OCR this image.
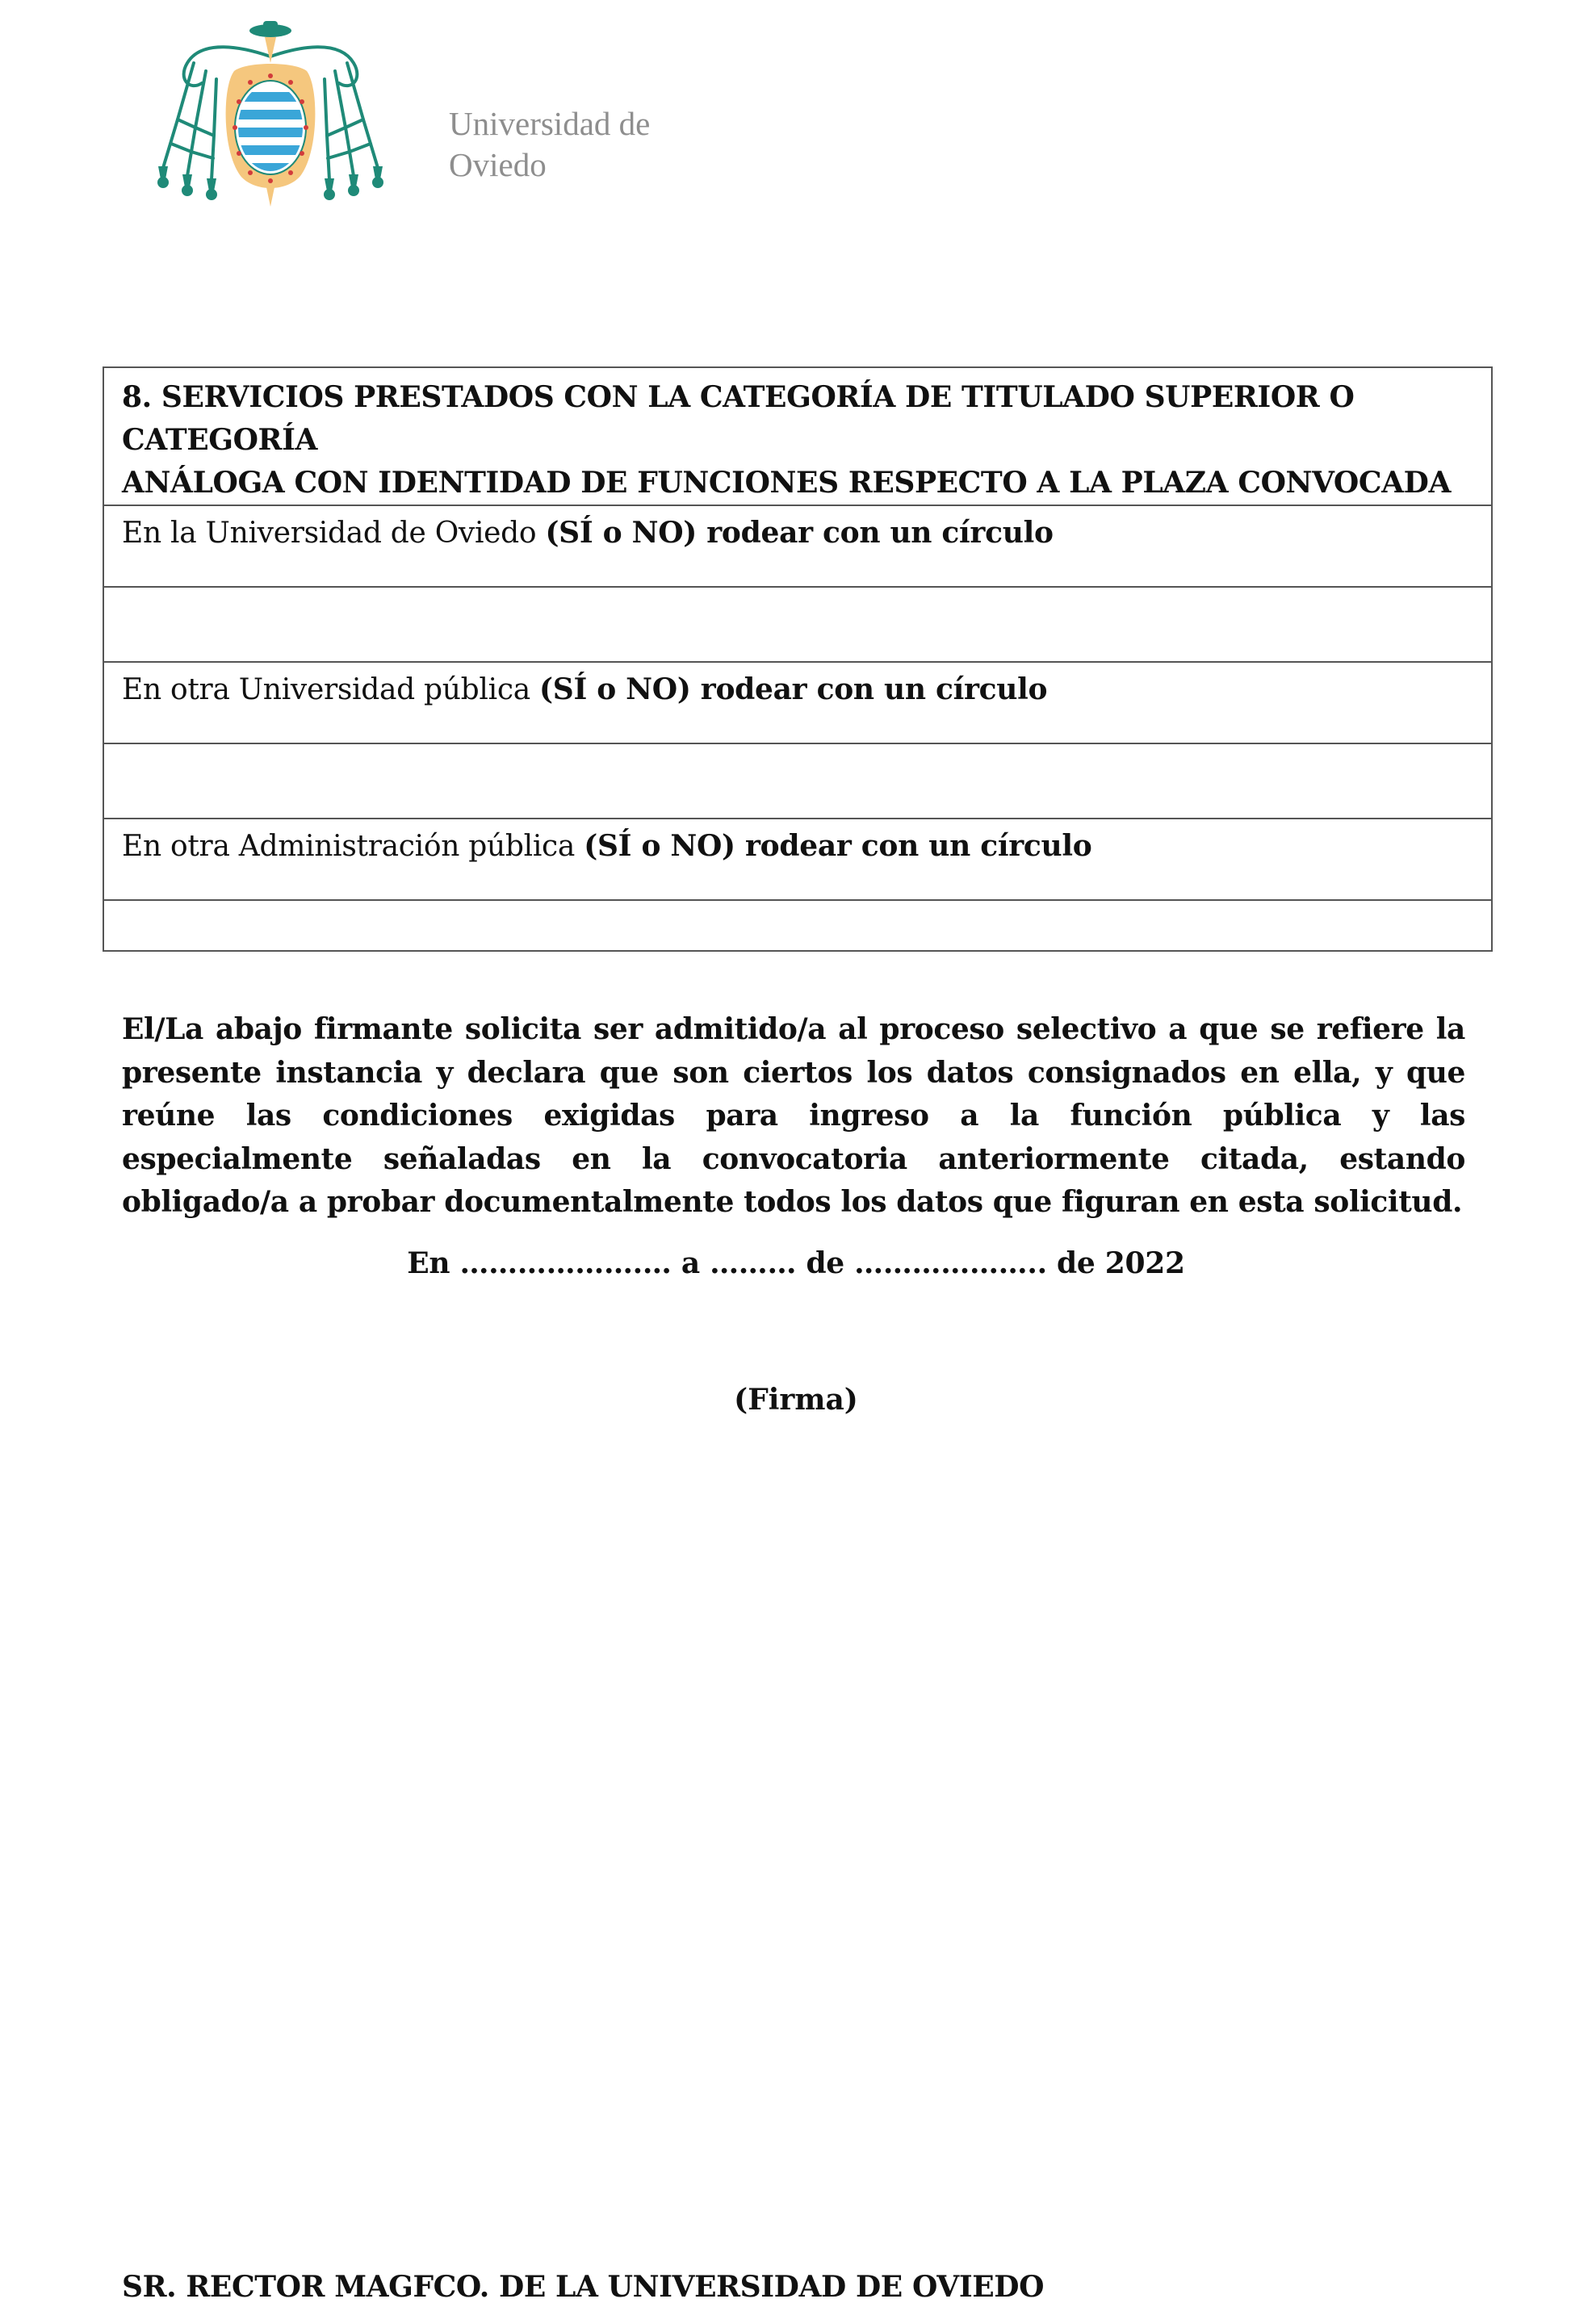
Universidad de
Oviedo
8. SERVICIOS PRESTADOS CON LA CATEGORÍA DE TITULADO SUPERIOR O CATEGORÍA
ANÁLOGA CON IDENTIDAD DE FUNCIONES RESPECTO A LA PLAZA CONVOCADA

En la Universidad de Oviedo (SÍ o NO) rodear con un círculo

En otra Universidad pública (SÍ o NO) rodear con un círculo

En otra Administración pública (SÍ o NO) rodear con un círculo

El/La abajo firmante solicita ser admitido/a al proceso selectivo a que se refiere la presente instancia y declara que son ciertos los datos consignados en ella, y que reúne las condiciones exigidas para ingreso a la función pública y las especialmente señaladas en la convocatoria anteriormente citada, estando obligado/a a probar documentalmente todos los datos que figuran en esta solicitud.

En ……………….… a ……… de ……………….. de 2022
(Firma)
SR. RECTOR MAGFCO. DE LA UNIVERSIDAD DE OVIEDO
